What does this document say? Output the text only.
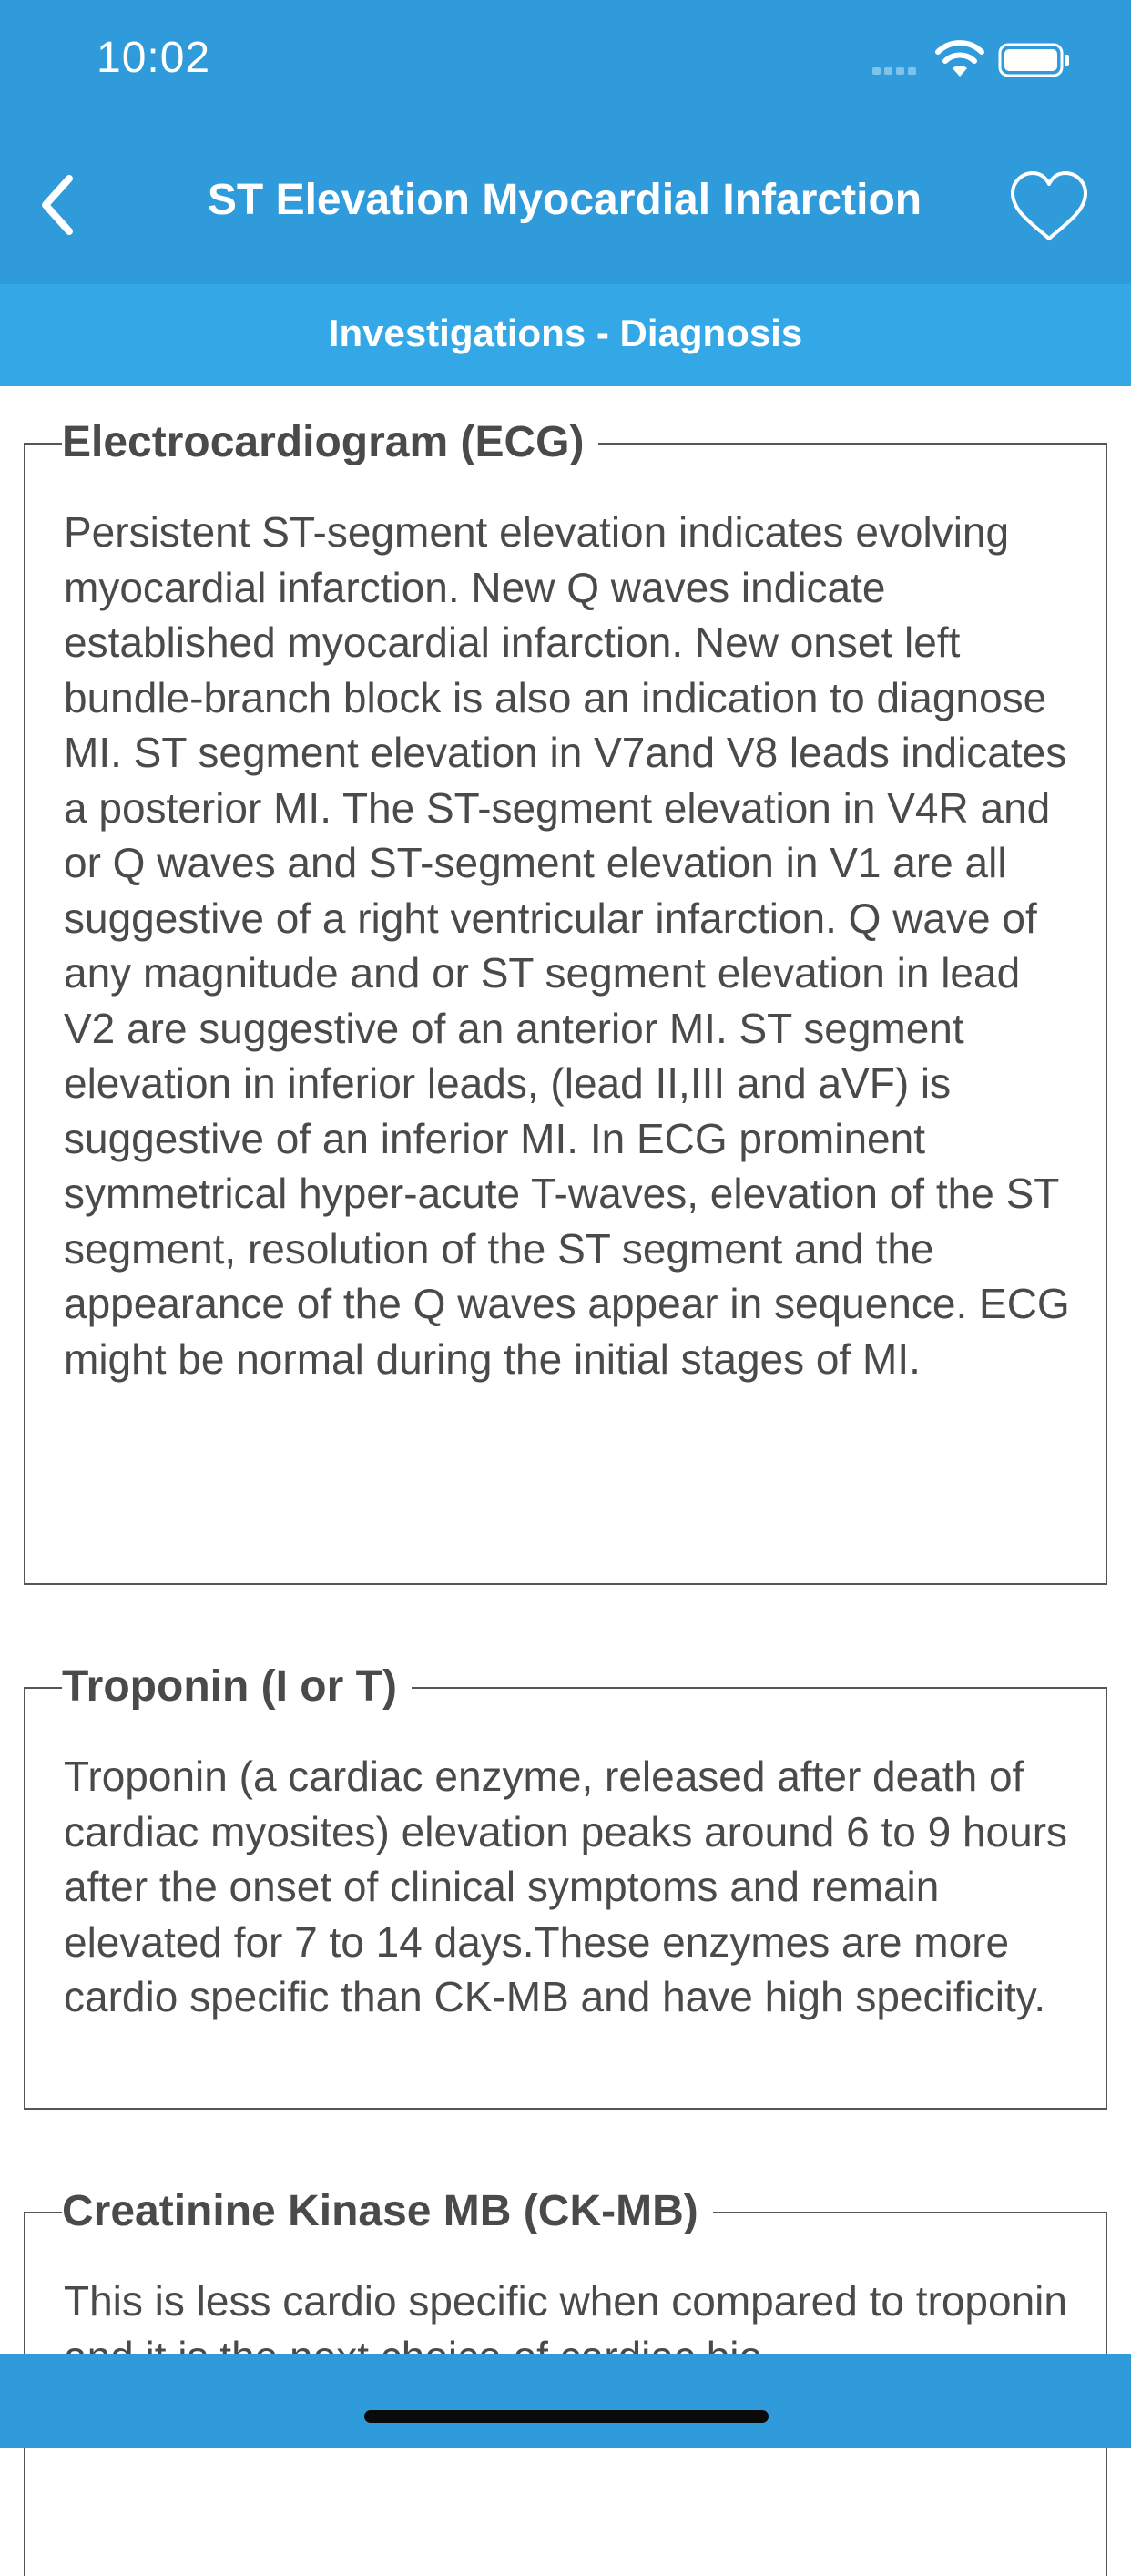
10:02
ST Elevation Myocardial Infarction
Investigations - Diagnosis
Electrocardiogram (ECG)

Persistent ST-segment elevation indicates evolving myocardial infarction. New Q waves indicate established myocardial infarction. New onset left bundle-branch block is also an indication to diagnose MI. ST segment elevation in V7and V8 leads indicates a posterior MI. The ST-segment elevation in V4R and or Q waves and ST-segment elevation in V1 are all suggestive of a right ventricular infarction. Q wave of any magnitude and or ST segment elevation in lead V2 are suggestive of an anterior MI. ST segment elevation in inferior leads, (lead II,III and aVF) is suggestive of an inferior MI. In ECG prominent symmetrical hyper-acute T-waves, elevation of the ST segment, resolution of the ST segment and the appearance of the Q waves appear in sequence. ECG might be normal during the initial stages of MI.

Troponin (I or T)

Troponin (a cardiac enzyme, released after death of cardiac myosites) elevation peaks around 6 to 9 hours after the onset of clinical symptoms and remain elevated for 7 to 14 days.These enzymes are more cardio specific than CK-MB and have high specificity.

Creatinine Kinase MB (CK-MB)

This is less cardio specific when compared to troponin
